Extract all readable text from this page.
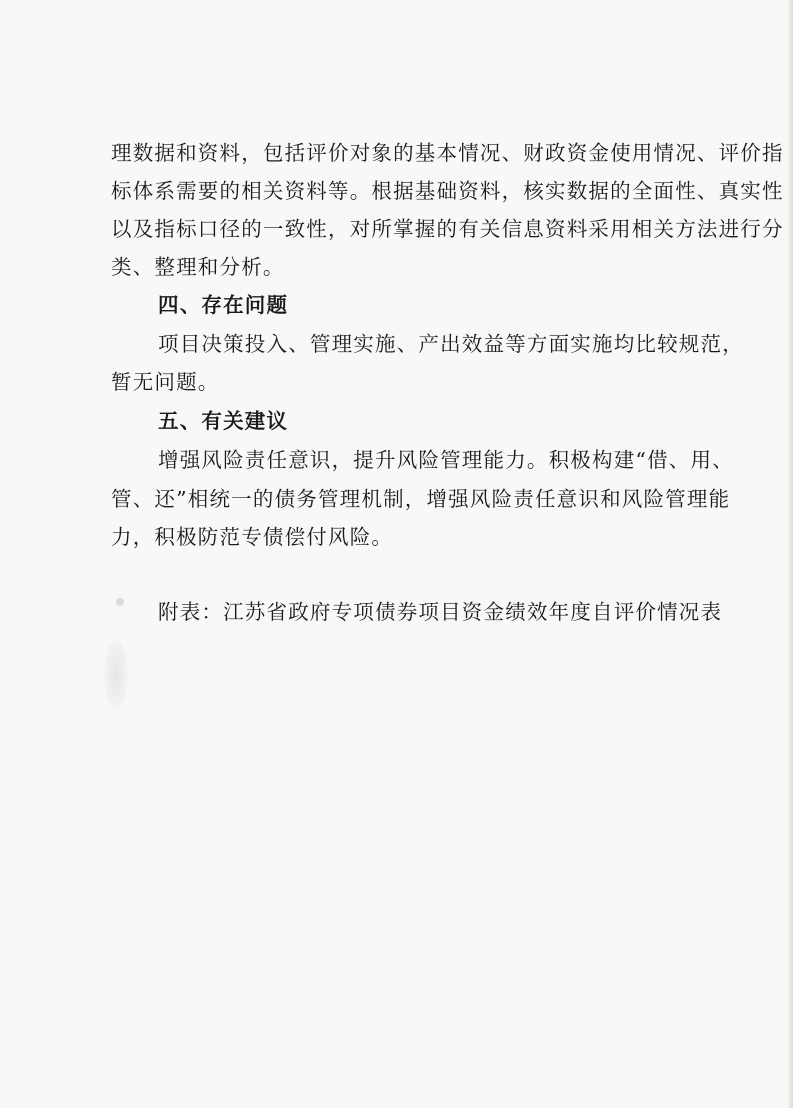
理数据和资料，包括评价对象的基本情况、财政资金使用情况、评价指
标体系需要的相关资料等。根据基础资料，核实数据的全面性、真实性
以及指标口径的一致性，对所掌握的有关信息资料采用相关方法进行分
类、整理和分析。
四、存在问题
项目决策投入、管理实施、产出效益等方面实施均比较规范，
暂无问题。
五、有关建议
增强风险责任意识，提升风险管理能力。积极构建“借、用、
管、还”相统一的债务管理机制，增强风险责任意识和风险管理能
力，积极防范专债偿付风险。
附表：江苏省政府专项债券项目资金绩效年度自评价情况表
